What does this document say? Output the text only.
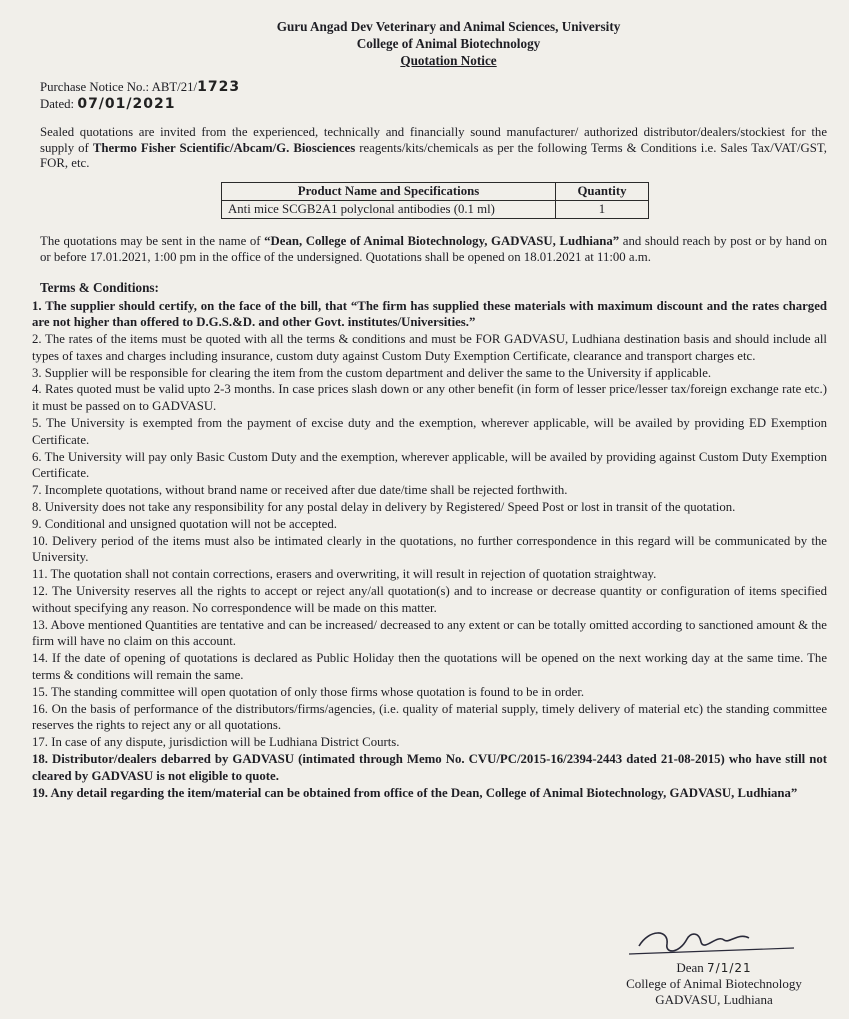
Guru Angad Dev Veterinary and Animal Sciences, University
College of Animal Biotechnology
Quotation Notice
Purchase Notice No.: ABT/21/1723
Dated: 07/01/2021
Sealed quotations are invited from the experienced, technically and financially sound manufacturer/ authorized distributor/dealers/stockiest for the supply of Thermo Fisher Scientific/Abcam/G. Biosciences reagents/kits/chemicals as per the following Terms & Conditions i.e. Sales Tax/VAT/GST, FOR, etc.
Product Name and Specifications	Quantity
Anti mice SCGB2A1 polyclonal antibodies (0.1 ml)	1
The quotations may be sent in the name of “Dean, College of Animal Biotechnology, GADVASU, Ludhiana” and should reach by post or by hand on or before 17.01.2021, 1:00 pm in the office of the undersigned. Quotations shall be opened on 18.01.2021 at 11:00 a.m.
Terms & Conditions:
1. The supplier should certify, on the face of the bill, that “The firm has supplied these materials with maximum discount and the rates charged are not higher than offered to D.G.S.&D. and other Govt. institutes/Universities.”
2. The rates of the items must be quoted with all the terms & conditions and must be FOR GADVASU, Ludhiana destination basis and should include all types of taxes and charges including insurance, custom duty against Custom Duty Exemption Certificate, clearance and transport charges etc.
3. Supplier will be responsible for clearing the item from the custom department and deliver the same to the University if applicable.
4. Rates quoted must be valid upto 2-3 months. In case prices slash down or any other benefit (in form of lesser price/lesser tax/foreign exchange rate etc.) it must be passed on to GADVASU.
5. The University is exempted from the payment of excise duty and the exemption, wherever applicable, will be availed by providing ED Exemption Certificate.
6. The University will pay only Basic Custom Duty and the exemption, wherever applicable, will be availed by providing against Custom Duty Exemption Certificate.
7. Incomplete quotations, without brand name or received after due date/time shall be rejected forthwith.
8. University does not take any responsibility for any postal delay in delivery by Registered/ Speed Post or lost in transit of the quotation.
9. Conditional and unsigned quotation will not be accepted.
10. Delivery period of the items must also be intimated clearly in the quotations, no further correspondence in this regard will be communicated by the University.
11. The quotation shall not contain corrections, erasers and overwriting, it will result in rejection of quotation straightway.
12. The University reserves all the rights to accept or reject any/all quotation(s) and to increase or decrease quantity or configuration of items specified without specifying any reason. No correspondence will be made on this matter.
13. Above mentioned Quantities are tentative and can be increased/ decreased to any extent or can be totally omitted according to sanctioned amount & the firm will have no claim on this account.
14. If the date of opening of quotations is declared as Public Holiday then the quotations will be opened on the next working day at the same time. The terms & conditions will remain the same.
15. The standing committee will open quotation of only those firms whose quotation is found to be in order.
16. On the basis of performance of the distributors/firms/agencies, (i.e. quality of material supply, timely delivery of material etc) the standing committee reserves the rights to reject any or all quotations.
17. In case of any dispute, jurisdiction will be Ludhiana District Courts.
18. Distributor/dealers debarred by GADVASU (intimated through Memo No. CVU/PC/2015-16/2394-2443 dated 21-08-2015) who have still not cleared by GADVASU is not eligible to quote.
19. Any detail regarding the item/material can be obtained from office of the Dean, College of Animal Biotechnology, GADVASU, Ludhiana”
Dean 7/1/21
College of Animal Biotechnology
GADVASU, Ludhiana
